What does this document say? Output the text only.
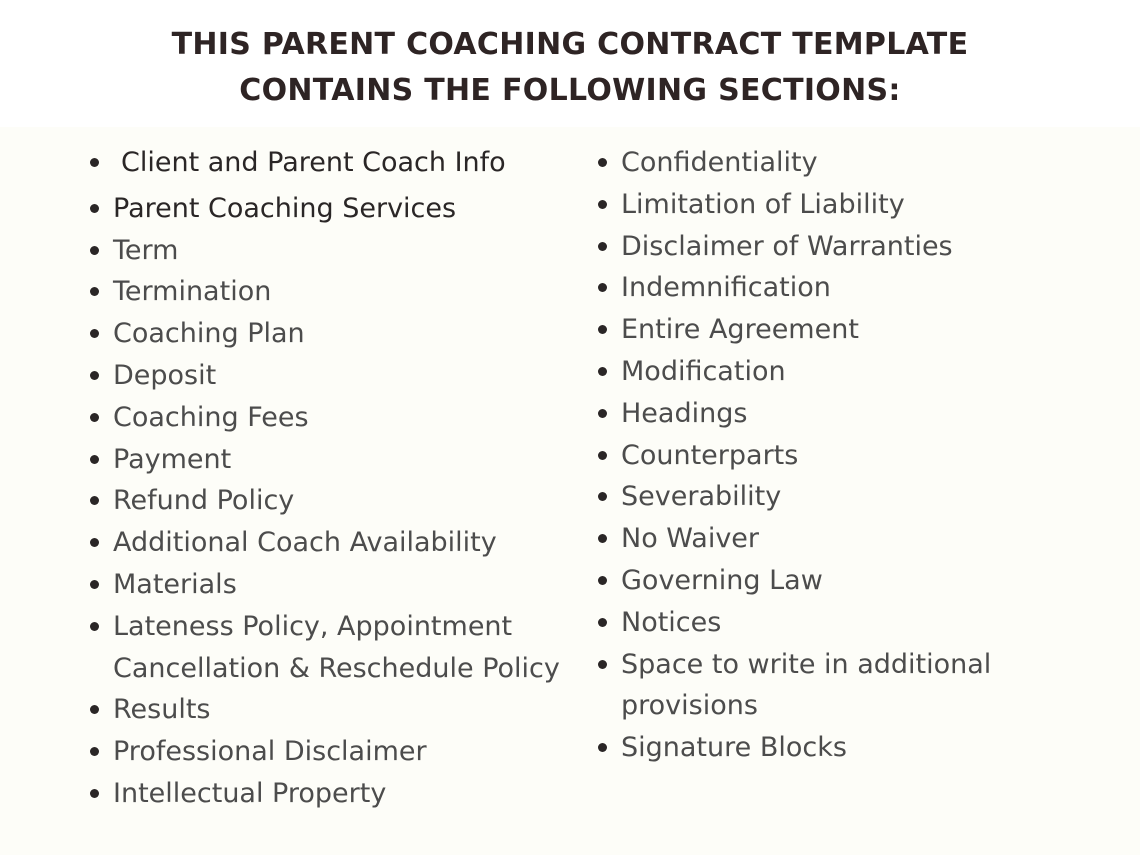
THIS PARENT COACHING CONTRACT TEMPLATE
CONTAINS THE FOLLOWING SECTIONS:
Client and Parent Coach Info
Parent Coaching Services
Term
Termination
Coaching Plan
Deposit
Coaching Fees
Payment
Refund Policy
Additional Coach Availability
Materials
Lateness Policy, Appointment
Cancellation & Reschedule Policy
Results
Professional Disclaimer
Intellectual Property
Confidentiality
Limitation of Liability
Disclaimer of Warranties
Indemnification
Entire Agreement
Modification
Headings
Counterparts
Severability
No Waiver
Governing Law
Notices
Space to write in additional
provisions
Signature Blocks
